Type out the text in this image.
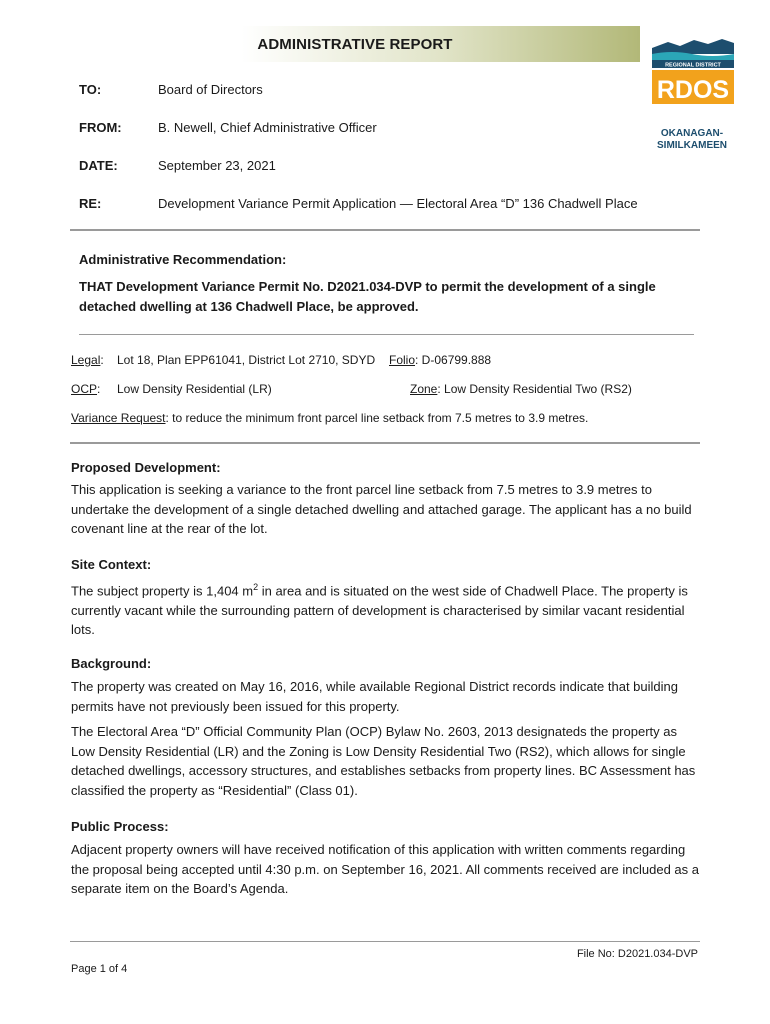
ADMINISTRATIVE REPORT
REGIONAL DISTRICT
RDOS
OKANAGAN-
SIMILKAMEEN
TO:	Board of Directors
FROM:	B. Newell, Chief Administrative Officer
DATE:	September 23, 2021
RE:	Development Variance Permit Application — Electoral Area “D” 136 Chadwell Place
Administrative Recommendation:
THAT Development Variance Permit No. D2021.034-DVP to permit the development of a single detached dwelling at 136 Chadwell Place, be approved.
Legal: Lot 18, Plan EPP61041, District Lot 2710, SDYD Folio: D-06799.888
OCP: Low Density Residential (LR)	Zone: Low Density Residential Two (RS2)
Variance Request: to reduce the minimum front parcel line setback from 7.5 metres to 3.9 metres.
Proposed Development:
This application is seeking a variance to the front parcel line setback from 7.5 metres to 3.9 metres to undertake the development of a single detached dwelling and attached garage. The applicant has a no build covenant line at the rear of the lot.
Site Context:
The subject property is 1,404 $m^2$ in area and is situated on the west side of Chadwell Place. The property is currently vacant while the surrounding pattern of development is characterised by similar vacant residential lots.
Background:
The property was created on May 16, 2016, while available Regional District records indicate that building permits have not previously been issued for this property.
The Electoral Area “D” Official Community Plan (OCP) Bylaw No. 2603, 2013 designateds the property as Low Density Residential (LR) and the Zoning is Low Density Residential Two (RS2), which allows for single detached dwellings, accessory structures, and establishes setbacks from property lines. BC Assessment has classified the property as “Residential” (Class 01).
Public Process:
Adjacent property owners will have received notification of this application with written comments regarding the proposal being accepted until 4:30 p.m. on September 16, 2021. All comments received are included as a separate item on the Board’s Agenda.
File No: D2021.034-DVP
Page 1 of 4
